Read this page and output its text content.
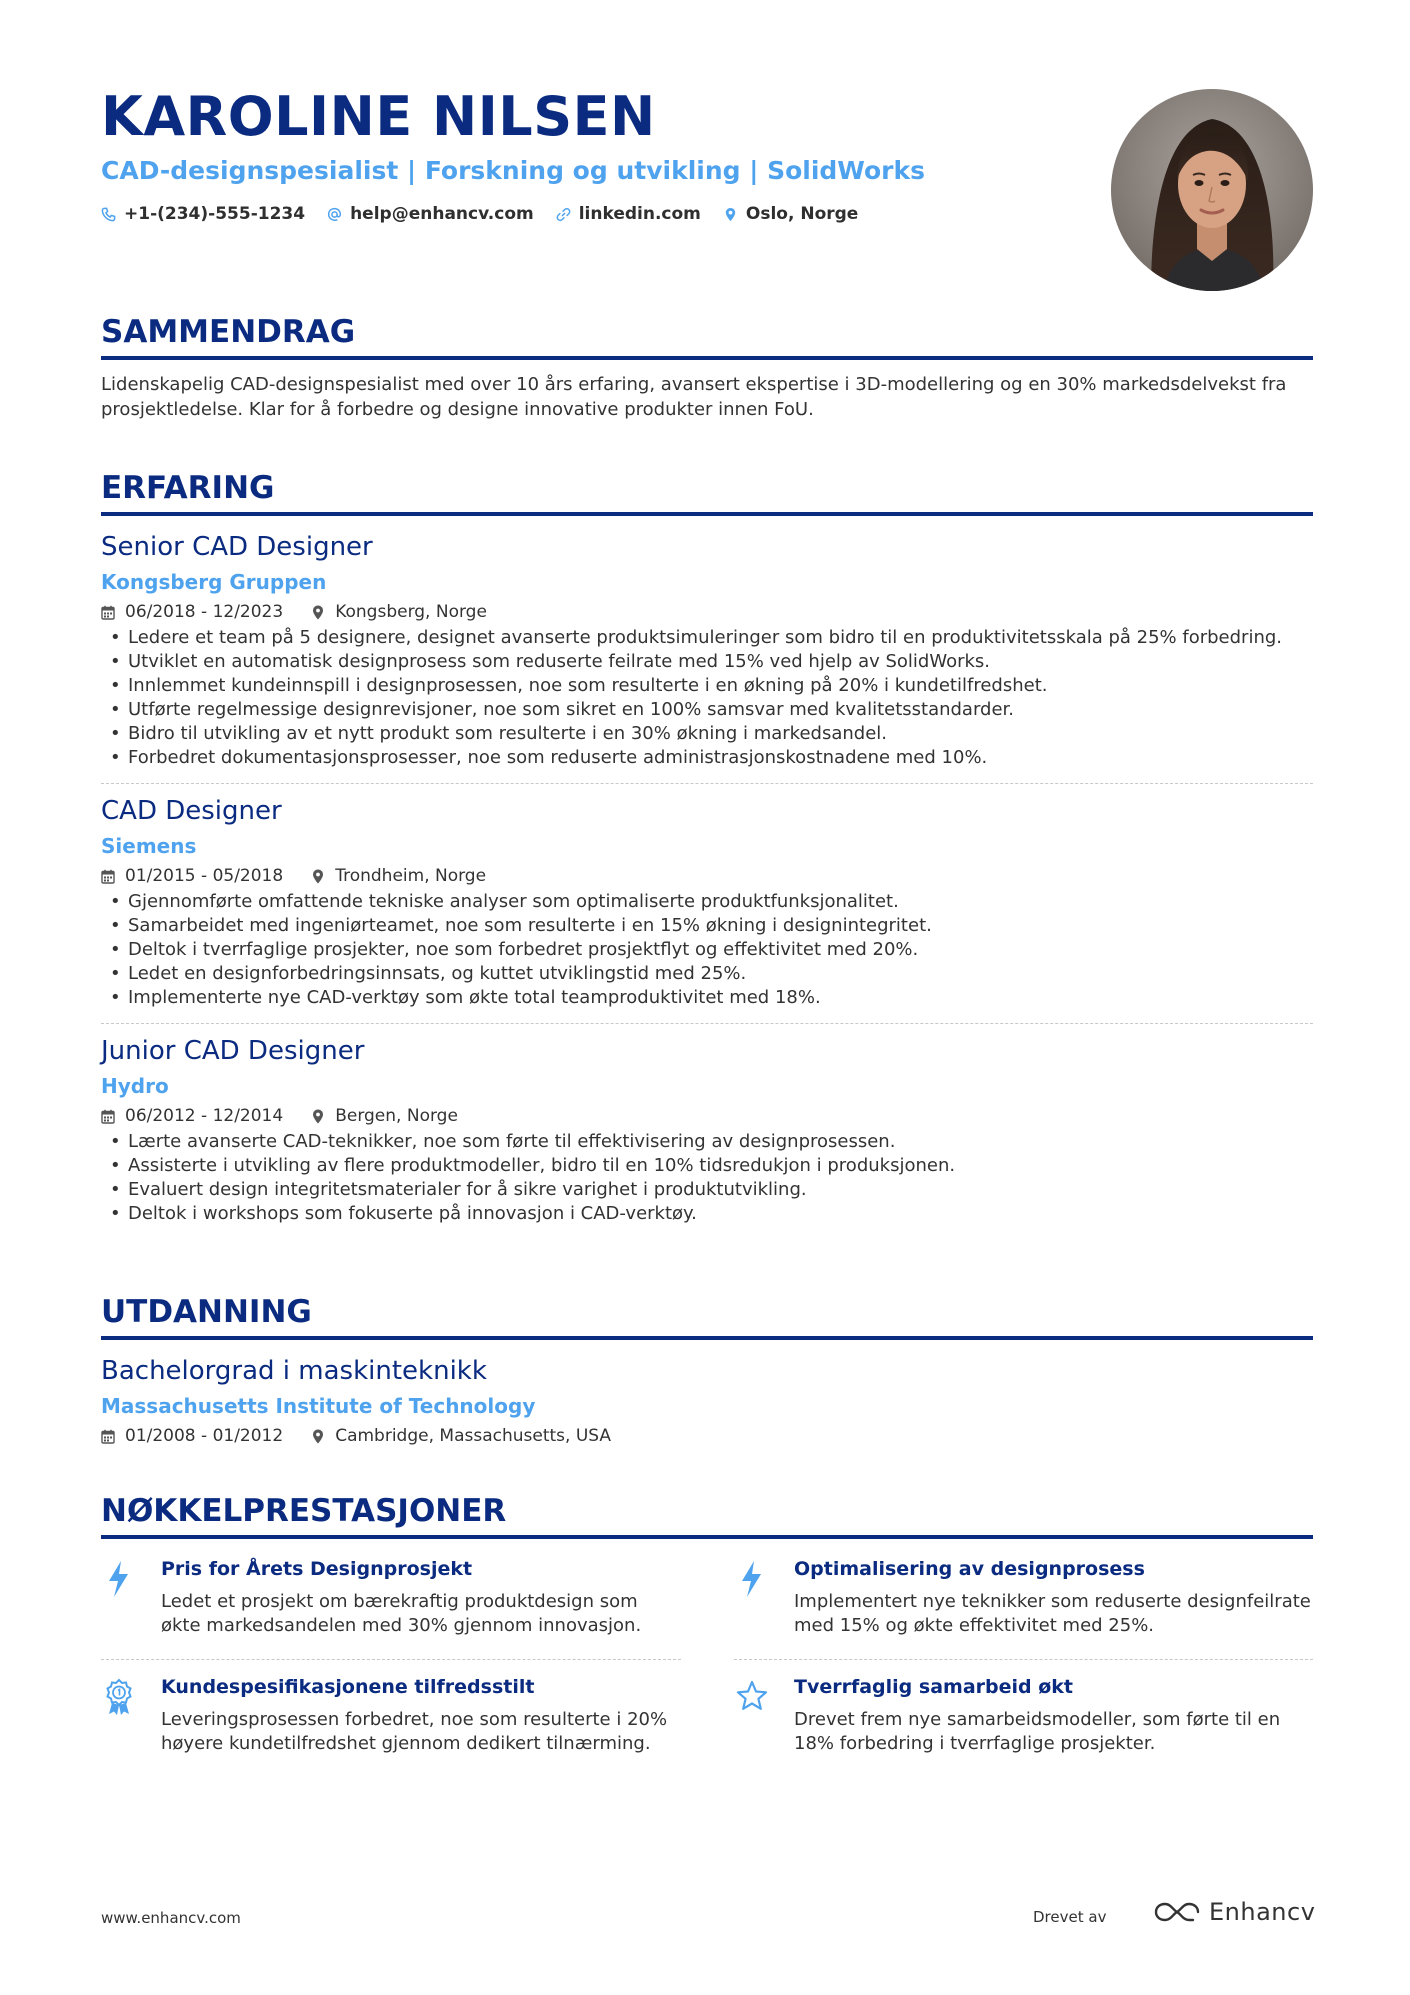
KAROLINE NILSEN
CAD-designspesialist | Forskning og utvikling | SolidWorks
+1-(234)-555-1234	help@enhancv.com	linkedin.com	Oslo, Norge
SAMMENDRAG
Lidenskapelig CAD-designspesialist med over 10 års erfaring, avansert ekspertise i 3D-modellering og en 30% markedsdelvekst fra prosjektledelse. Klar for å forbedre og designe innovative produkter innen FoU.
ERFARING
Senior CAD Designer
Kongsberg Gruppen
06/2018 - 12/2023	Kongsberg, Norge
• Ledere et team på 5 designere, designet avanserte produktsimuleringer som bidro til en produktivitetsskala på 25% forbedring.
• Utviklet en automatisk designprosess som reduserte feilrate med 15% ved hjelp av SolidWorks.
• Innlemmet kundeinnspill i designprosessen, noe som resulterte i en økning på 20% i kundetilfredshet.
• Utførte regelmessige designrevisjoner, noe som sikret en 100% samsvar med kvalitetsstandarder.
• Bidro til utvikling av et nytt produkt som resulterte i en 30% økning i markedsandel.
• Forbedret dokumentasjonsprosesser, noe som reduserte administrasjonskostnadene med 10%.
CAD Designer
Siemens
01/2015 - 05/2018	Trondheim, Norge
• Gjennomførte omfattende tekniske analyser som optimaliserte produktfunksjonalitet.
• Samarbeidet med ingeniørteamet, noe som resulterte i en 15% økning i designintegritet.
• Deltok i tverrfaglige prosjekter, noe som forbedret prosjektflyt og effektivitet med 20%.
• Ledet en designforbedringsinnsats, og kuttet utviklingstid med 25%.
• Implementerte nye CAD-verktøy som økte total teamproduktivitet med 18%.
Junior CAD Designer
Hydro
06/2012 - 12/2014	Bergen, Norge
• Lærte avanserte CAD-teknikker, noe som førte til effektivisering av designprosessen.
• Assisterte i utvikling av flere produktmodeller, bidro til en 10% tidsredukjon i produksjonen.
• Evaluert design integritetsmaterialer for å sikre varighet i produktutvikling.
• Deltok i workshops som fokuserte på innovasjon i CAD-verktøy.
UTDANNING
Bachelorgrad i maskinteknikk
Massachusetts Institute of Technology
01/2008 - 01/2012	Cambridge, Massachusetts, USA
NØKKELPRESTASJONER
Pris for Årets Designprosjekt
Ledet et prosjekt om bærekraftig produktdesign som økte markedsandelen med 30% gjennom innovasjon.
Optimalisering av designprosess
Implementert nye teknikker som reduserte designfeilrate med 15% og økte effektivitet med 25%.
Kundespesifikasjonene tilfredsstilt
Leveringsprosessen forbedret, noe som resulterte i 20% høyere kundetilfredshet gjennom dedikert tilnærming.
Tverrfaglig samarbeid økt
Drevet frem nye samarbeidsmodeller, som førte til en 18% forbedring i tverrfaglige prosjekter.
www.enhancv.com	Drevet av	Enhancv
